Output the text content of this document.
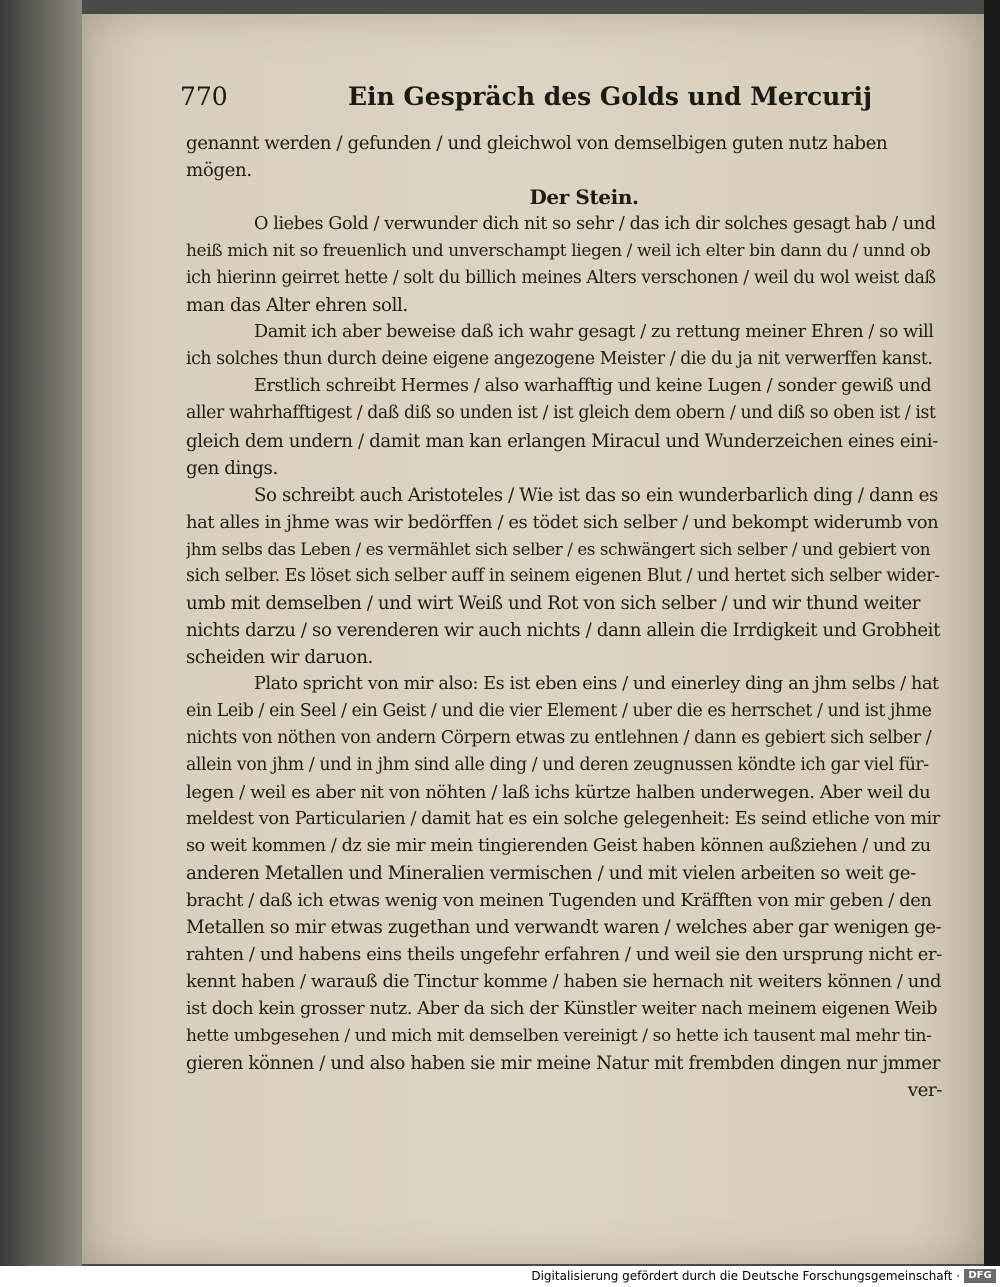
770	Ein Gespräch des Golds und Mercurij
genannt werden / gefunden / und gleichwol von demselbigen guten nutz haben
mögen.
Der Stein.
O liebes Gold / verwunder dich nit so sehr / das ich dir solches gesagt hab / und
heiß mich nit so freuenlich und unverschampt liegen / weil ich elter bin dann du / unnd ob
ich hierinn geirret hette / solt du billich meines Alters verschonen / weil du wol weist daß
man das Alter ehren soll.
Damit ich aber beweise daß ich wahr gesagt / zu rettung meiner Ehren / so will
ich solches thun durch deine eigene angezogene Meister / die du ja nit verwerffen kanst.
Erstlich schreibt Hermes / also warhafftig und keine Lugen / sonder gewiß und
aller wahrhafftigest / daß diß so unden ist / ist gleich dem obern / und diß so oben ist / ist
gleich dem undern / damit man kan erlangen Miracul und Wunderzeichen eines eini-
gen dings.
So schreibt auch Aristoteles / Wie ist das so ein wunderbarlich ding / dann es
hat alles in jhme was wir bedörffen / es tödet sich selber / und bekompt widerumb von
jhm selbs das Leben / es vermählet sich selber / es schwängert sich selber / und gebiert von
sich selber. Es löset sich selber auff in seinem eigenen Blut / und hertet sich selber wider-
umb mit demselben / und wirt Weiß und Rot von sich selber / und wir thund weiter
nichts darzu / so verenderen wir auch nichts / dann allein die Irrdigkeit und Grobheit
scheiden wir daruon.
Plato spricht von mir also: Es ist eben eins / und einerley ding an jhm selbs / hat
ein Leib / ein Seel / ein Geist / und die vier Element / uber die es herrschet / und ist jhme
nichts von nöthen von andern Cörpern etwas zu entlehnen / dann es gebiert sich selber /
allein von jhm / und in jhm sind alle ding / und deren zeugnussen köndte ich gar viel für-
legen / weil es aber nit von nöhten / laß ichs kürtze halben underwegen. Aber weil du
meldest von Particularien / damit hat es ein solche gelegenheit: Es seind etliche von mir
so weit kommen / dz sie mir mein tingierenden Geist haben können außziehen / und zu
anderen Metallen und Mineralien vermischen / und mit vielen arbeiten so weit ge-
bracht / daß ich etwas wenig von meinen Tugenden und Kräfften von mir geben / den
Metallen so mir etwas zugethan und verwandt waren / welches aber gar wenigen ge-
rahten / und habens eins theils ungefehr erfahren / und weil sie den ursprung nicht er-
kennt haben / warauß die Tinctur komme / haben sie hernach nit weiters können / und
ist doch kein grosser nutz. Aber da sich der Künstler weiter nach meinem eigenen Weib
hette umbgesehen / und mich mit demselben vereinigt / so hette ich tausent mal mehr tin-
gieren können / und also haben sie mir meine Natur mit frembden dingen nur jmmer
ver-
Digitalisierung gefördert durch die Deutsche Forschungsgemeinschaft · DFG
